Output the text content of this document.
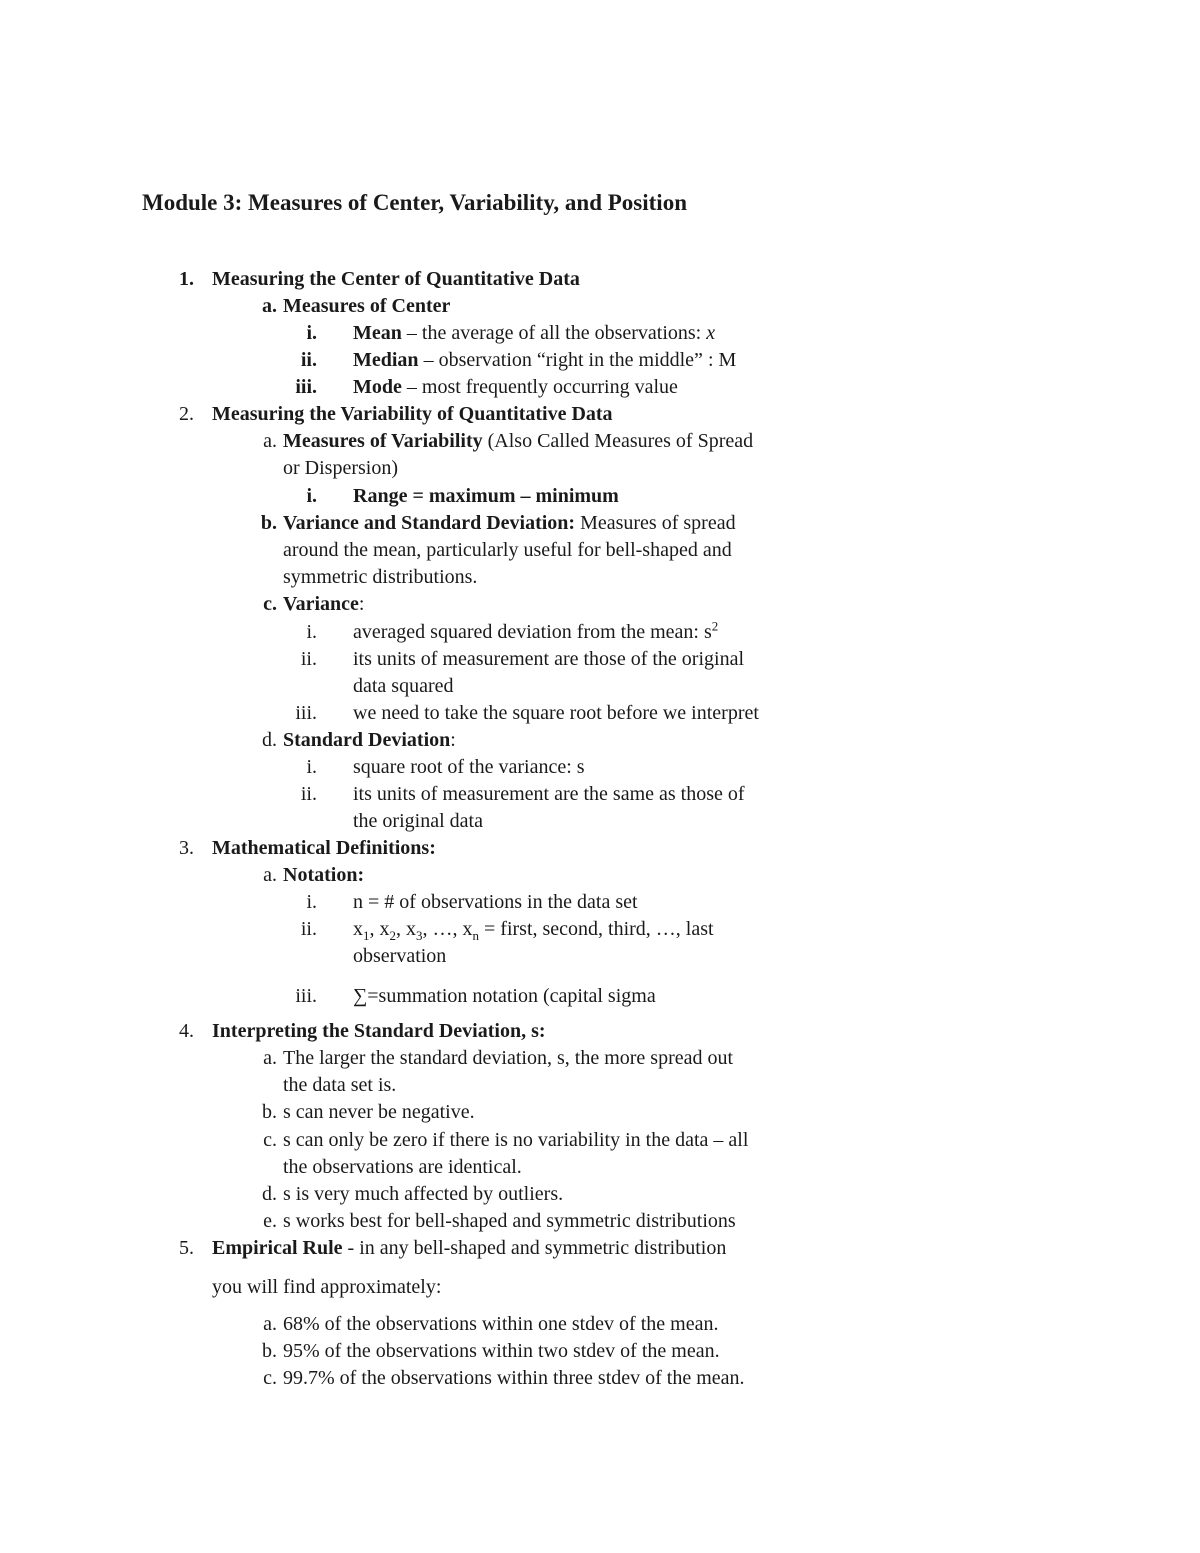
Module 3: Measures of Center, Variability, and Position
1. Measuring the Center of Quantitative Data
a. Measures of Center
i. Mean – the average of all the observations: x
ii. Median – observation “right in the middle” : M
iii. Mode – most frequently occurring value
2. Measuring the Variability of Quantitative Data
a. Measures of Variability (Also Called Measures of Spread
or Dispersion)
i. Range = maximum – minimum
b. Variance and Standard Deviation: Measures of spread
around the mean, particularly useful for bell-shaped and
symmetric distributions.
c. Variance:
i. averaged squared deviation from the mean: $s^2$
ii. its units of measurement are those of the original
data squared
iii. we need to take the square root before we interpret
d. Standard Deviation:
i. square root of the variance: s
ii. its units of measurement are the same as those of
the original data
3. Mathematical Definitions:
a. Notation:
i. n = # of observations in the data set
ii. $x_1$, $x_2$, $x_3$, …, $x_n$ = first, second, third, …, last
observation
iii. ∑=summation notation (capital sigma
4. Interpreting the Standard Deviation, s:
a. The larger the standard deviation, s, the more spread out
the data set is.
b. s can never be negative.
c. s can only be zero if there is no variability in the data – all
the observations are identical.
d. s is very much affected by outliers.
e. s works best for bell-shaped and symmetric distributions
5. Empirical Rule - in any bell-shaped and symmetric distribution
you will find approximately:
a. 68% of the observations within one stdev of the mean.
b. 95% of the observations within two stdev of the mean.
c. 99.7% of the observations within three stdev of the mean.
